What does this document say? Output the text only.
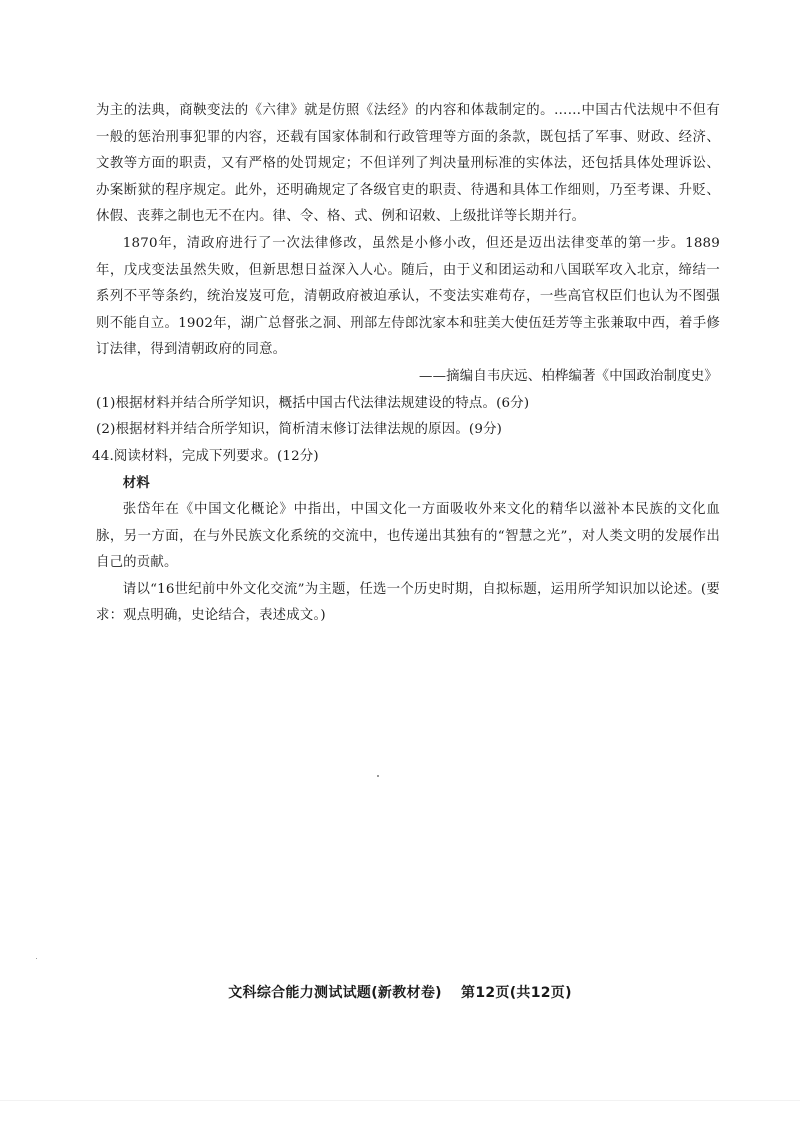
为主的法典，商鞅变法的《六律》就是仿照《法经》的内容和体裁制定的。……中国古代法规中不但有一般的惩治刑事犯罪的内容，还载有国家体制和行政管理等方面的条款，既包括了军事、财政、经济、文教等方面的职责，又有严格的处罚规定；不但详列了判决量刑标准的实体法，还包括具体处理诉讼、办案断狱的程序规定。此外，还明确规定了各级官吏的职责、待遇和具体工作细则，乃至考课、升贬、休假、丧葬之制也无不在内。律、令、格、式、例和诏敕、上级批详等长期并行。

1870年，清政府进行了一次法律修改，虽然是小修小改，但还是迈出法律变革的第一步。1889年，戊戌变法虽然失败，但新思想日益深入人心。随后，由于义和团运动和八国联军攻入北京，缔结一系列不平等条约，统治岌岌可危，清朝政府被迫承认，不变法实难苟存，一些高官权臣们也认为不图强则不能自立。1902年，湖广总督张之洞、刑部左侍郎沈家本和驻美大使伍廷芳等主张兼取中西，着手修订法律，得到清朝政府的同意。

——摘编自韦庆远、柏桦编著《中国政治制度史》

(1)根据材料并结合所学知识，概括中国古代法律法规建设的特点。(6分)
(2)根据材料并结合所学知识，简析清末修订法律法规的原因。(9分)

44.阅读材料，完成下列要求。(12分)

材料

张岱年在《中国文化概论》中指出，中国文化一方面吸收外来文化的精华以滋补本民族的文化血脉，另一方面，在与外民族文化系统的交流中，也传递出其独有的“智慧之光”，对人类文明的发展作出自己的贡献。

请以“16世纪前中外文化交流”为主题，任选一个历史时期，自拟标题，运用所学知识加以论述。(要求：观点明确，史论结合，表述成文。)

文科综合能力测试试题(新教材卷) 第12页(共12页)
